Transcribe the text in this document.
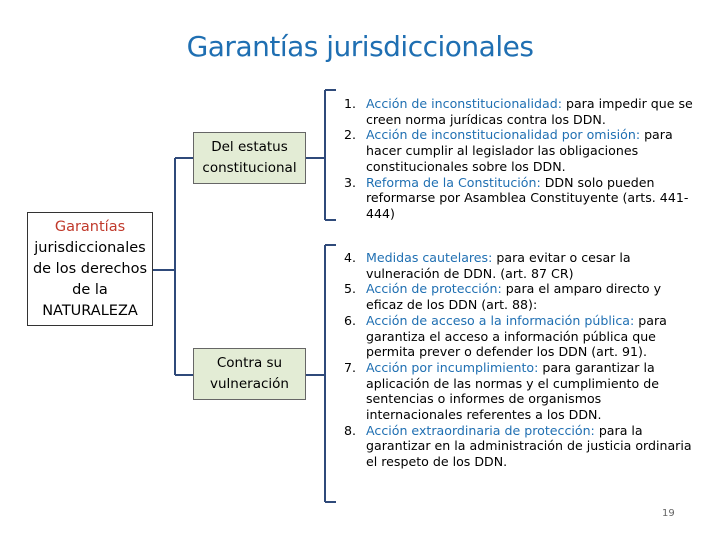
Garantías jurisdiccionales
Garantías
jurisdiccionales
de los derechos
de la
NATURALEZA
Del estatus
constitucional
Contra su
vulneración
1. Acción de inconstitucionalidad: para impedir que se creen norma jurídicas contra los DDN.
2. Acción de inconstitucionalidad por omisión: para hacer cumplir al legislador las obligaciones constitucionales sobre los DDN.
3. Reforma de la Constitución: DDN solo pueden reformarse por Asamblea Constituyente (arts. 441-444)
4. Medidas cautelares: para evitar o cesar la vulneración de DDN. (art. 87 CR)
5. Acción de protección: para el amparo directo y eficaz de los DDN (art. 88):
6. Acción de acceso a la información pública: para garantiza el acceso a información pública que permita prever o defender los DDN (art. 91).
7. Acción por incumplimiento: para garantizar la aplicación de las normas y el cumplimiento de sentencias o informes de organismos internacionales referentes a los DDN.
8. Acción extraordinaria de protección: para la garantizar en la administración de justicia ordinaria el respeto de los DDN.
19
